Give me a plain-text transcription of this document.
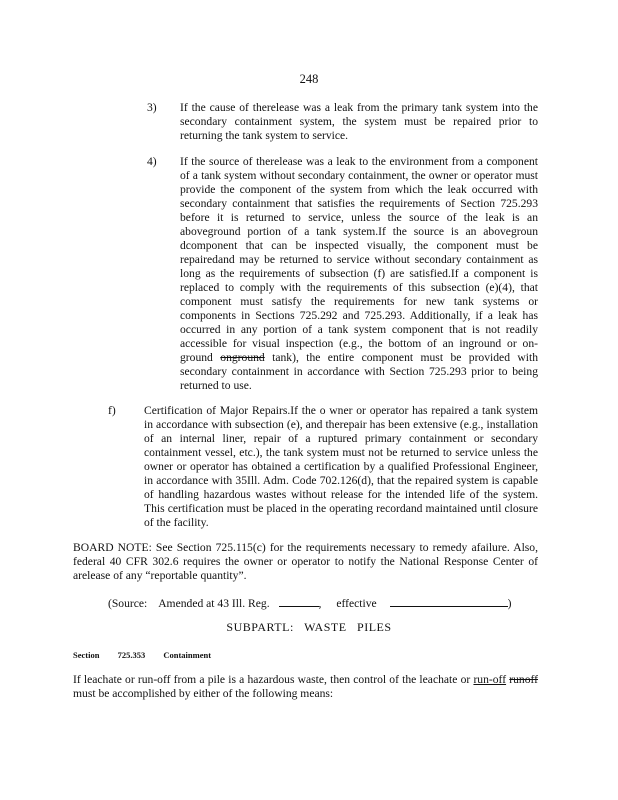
248
3)	If the cause of therelease was a leak from the primary tank system into the secondary containment system, the system must be repaired prior to returning the tank system to service.
4)	If the source of therelease was a leak to the environment from a component of a tank system without secondary containment, the owner or operator must provide the component of the system from which the leak occurred with secondary containment that satisfies the requirements of Section 725.293 before it is returned to service, unless the source of the leak is an aboveground portion of a tank system.If the source is an abovegroun dcomponent that can be inspected visually, the component must be repairedand may be returned to service without secondary containment as long as the requirements of subsection (f) are satisfied.If a component is replaced to comply with the requirements of this subsection (e)(4), that component must satisfy the requirements for new tank systems or components in Sections 725.292 and 725.293. Additionally, if a leak has occurred in any portion of a tank system component that is not readily accessible for visual inspection (e.g., the bottom of an inground or on-ground onground tank), the entire component must be provided with secondary containment in accordance with Section 725.293 prior to being returned to use.
f)	Certification of Major Repairs.If the o wner or operator has repaired a tank system in accordance with subsection (e), and therepair has been extensive (e.g., installation of an internal liner, repair of a ruptured primary containment or secondary containment vessel, etc.), the tank system must not be returned to service unless the owner or operator has obtained a certification by a qualified Professional Engineer, in accordance with 35Ill. Adm. Code 702.126(d), that the repaired system is capable of handling hazardous wastes without release for the intended life of the system. This certification must be placed in the operating recordand maintained until closure of the facility.
BOARD NOTE: See Section 725.115(c) for the requirements necessary to remedy afailure. Also, federal 40 CFR 302.6 requires the owner or operator to notify the National Response Center of arelease of any “reportable quantity”.
(Source: Amended at 43 Ill. Reg.	, effective	)
SUBPARTL:   WASTE   PILES
Section 725.353 Containment
If leachate or run-off from a pile is a hazardous waste, then control of the leachate or run-off runoff must be accomplished by either of the following means:
